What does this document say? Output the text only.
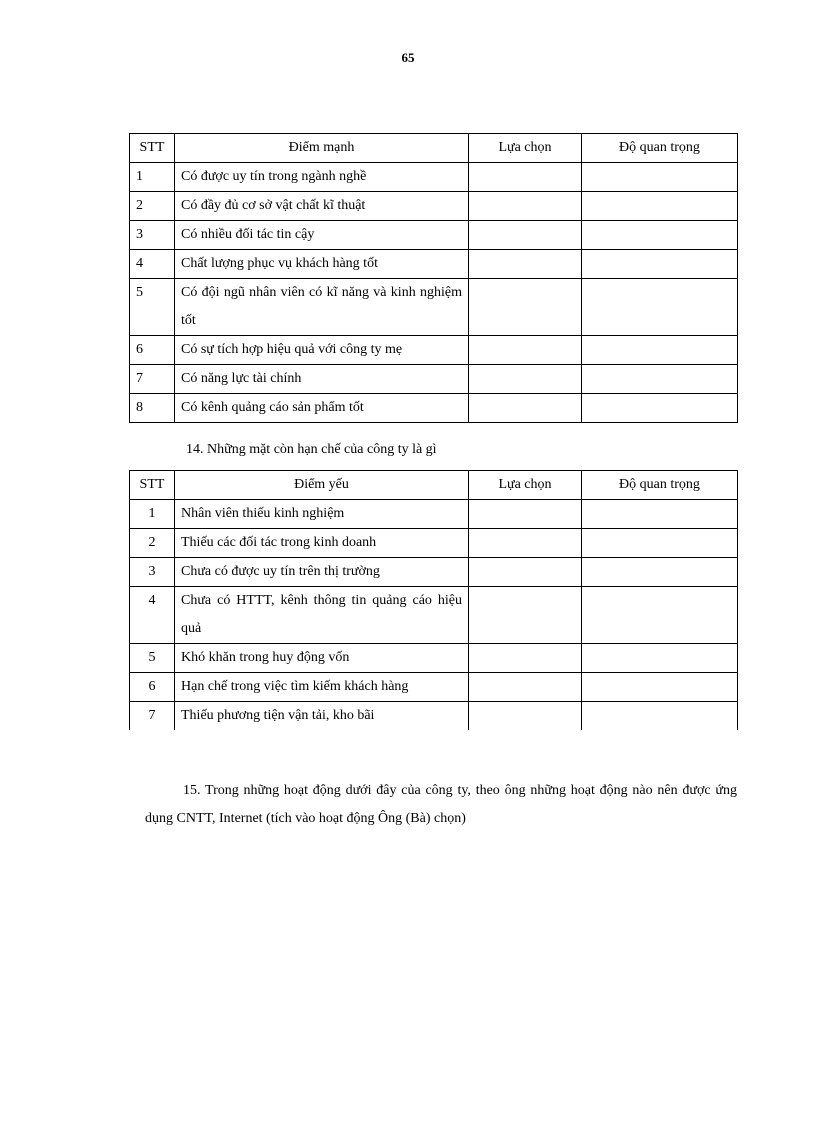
65
STT	Điểm mạnh	Lựa chọn	Độ quan trọng
1	Có được uy tín trong ngành nghề		
2	Có đầy đủ cơ sở vật chất kĩ thuật		
3	Có nhiều đối tác tin cậy		
4	Chất lượng phục vụ khách hàng tốt		
5	Có đội ngũ nhân viên có kĩ năng và kinh nghiệm tốt		
6	Có sự tích hợp hiệu quả với công ty mẹ		
7	Có năng lực tài chính		
8	Có kênh quảng cáo sản phẩm tốt		
14. Những mặt còn hạn chế của công ty là gì
STT	Điểm yếu	Lựa chọn	Độ quan trọng
1	Nhân viên thiếu kinh nghiệm		
2	Thiếu các đối tác trong kinh doanh		
3	Chưa có được uy tín trên thị trường		
4	Chưa có HTTT, kênh thông tin quảng cáo hiệu quả		
5	Khó khăn trong huy động vốn		
6	Hạn chế trong việc tìm kiếm khách hàng		
7	Thiếu phương tiện vận tải, kho bãi		
15. Trong những hoạt động dưới đây của công ty, theo ông những hoạt động nào nên được ứng dụng CNTT, Internet (tích vào hoạt động Ông (Bà) chọn)
